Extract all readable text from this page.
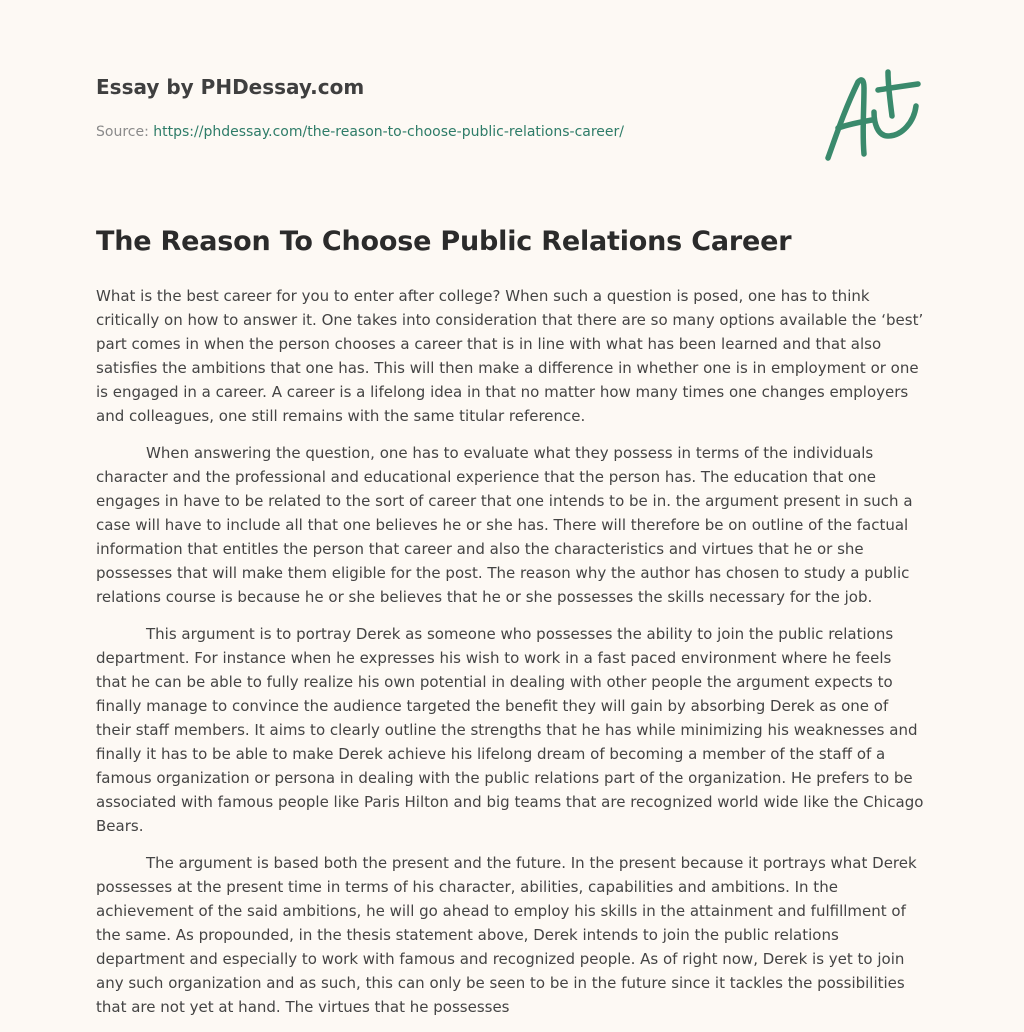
Essay by PHDessay.com

Source: https://phdessay.com/the-reason-to-choose-public-relations-career/

The Reason To Choose Public Relations Career

What is the best career for you to enter after college? When such a question is posed, one has to think critically on how to answer it. One takes into consideration that there are so many options available the ‘best’ part comes in when the person chooses a career that is in line with what has been learned and that also satisfies the ambitions that one has. This will then make a difference in whether one is in employment or one is engaged in a career. A career is a lifelong idea in that no matter how many times one changes employers and colleagues, one still remains with the same titular reference.

When answering the question, one has to evaluate what they possess in terms of the individuals character and the professional and educational experience that the person has. The education that one engages in have to be related to the sort of career that one intends to be in. the argument present in such a case will have to include all that one believes he or she has. There will therefore be on outline of the factual information that entitles the person that career and also the characteristics and virtues that he or she possesses that will make them eligible for the post. The reason why the author has chosen to study a public relations course is because he or she believes that he or she possesses the skills necessary for the job.

This argument is to portray Derek as someone who possesses the ability to join the public relations department. For instance when he expresses his wish to work in a fast paced environment where he feels that he can be able to fully realize his own potential in dealing with other people the argument expects to finally manage to convince the audience targeted the benefit they will gain by absorbing Derek as one of their staff members. It aims to clearly outline the strengths that he has while minimizing his weaknesses and finally it has to be able to make Derek achieve his lifelong dream of becoming a member of the staff of a famous organization or persona in dealing with the public relations part of the organization. He prefers to be associated with famous people like Paris Hilton and big teams that are recognized world wide like the Chicago Bears.

The argument is based both the present and the future. In the present because it portrays what Derek possesses at the present time in terms of his character, abilities, capabilities and ambitions. In the achievement of the said ambitions, he will go ahead to employ his skills in the attainment and fulfillment of the same. As propounded, in the thesis statement above, Derek intends to join the public relations department and especially to work with famous and recognized people. As of right now, Derek is yet to join any such organization and as such, this can only be seen to be in the future since it tackles the possibilities that are not yet at hand. The virtues that he possesses
